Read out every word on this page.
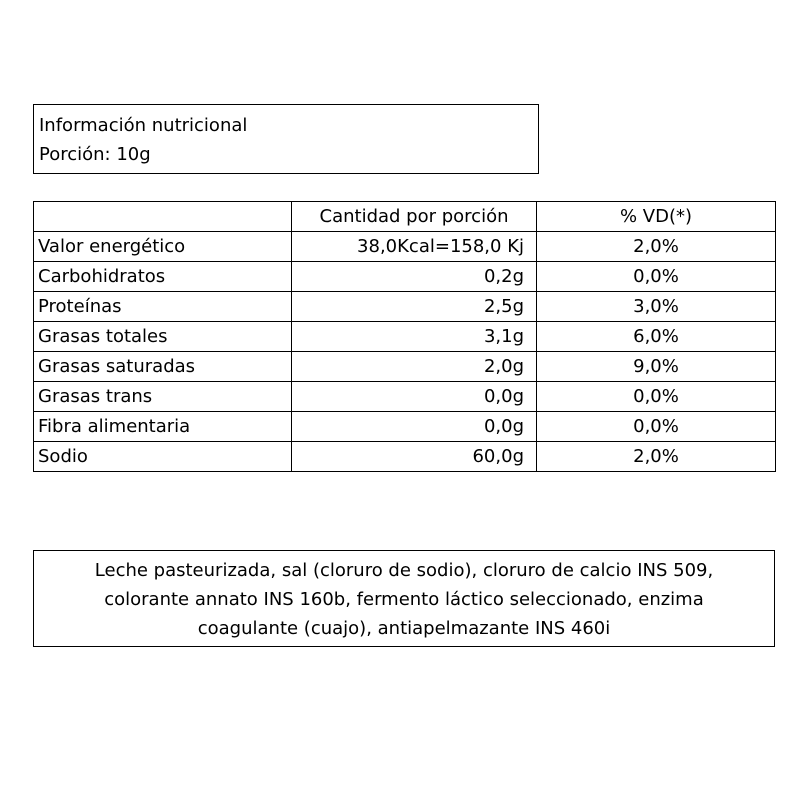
Información nutricional
Porción: 10g
	Cantidad por porción	% VD(*)
Valor energético	38,0Kcal=158,0 Kj	2,0%
Carbohidratos	0,2g	0,0%
Proteínas	2,5g	3,0%
Grasas totales	3,1g	6,0%
Grasas saturadas	2,0g	9,0%
Grasas trans	0,0g	0,0%
Fibra alimentaria	0,0g	0,0%
Sodio	60,0g	2,0%
Leche pasteurizada, sal (cloruro de sodio), cloruro de calcio INS 509,
colorante annato INS 160b, fermento láctico seleccionado, enzima
coagulante (cuajo), antiapelmazante INS 460i
